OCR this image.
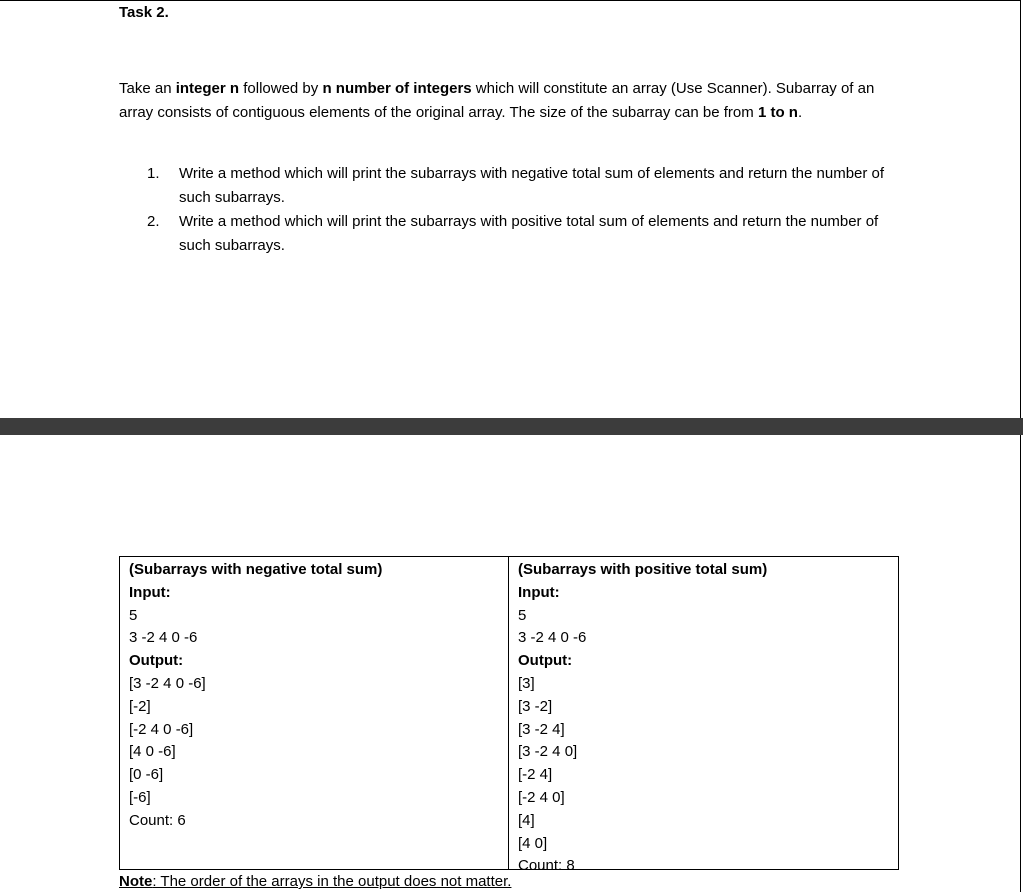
Task 2.
Take an integer n followed by n number of integers which will constitute an array (Use Scanner). Subarray of an array consists of contiguous elements of the original array. The size of the subarray can be from 1 to n.
1. Write a method which will print the subarrays with negative total sum of elements and return the number of such subarrays.
2. Write a method which will print the subarrays with positive total sum of elements and return the number of such subarrays.
(Subarrays with negative total sum)
Input:
5
3 -2 4 0 -6
Output:
[3 -2 4 0 -6]
[-2]
[-2 4 0 -6]
[4 0 -6]
[0 -6]
[-6]
Count: 6
(Subarrays with positive total sum)
Input:
5
3 -2 4 0 -6
Output:
[3]
[3 -2]
[3 -2 4]
[3 -2 4 0]
[-2 4]
[-2 4 0]
[4]
[4 0]
Count: 8
Note: The order of the arrays in the output does not matter.
